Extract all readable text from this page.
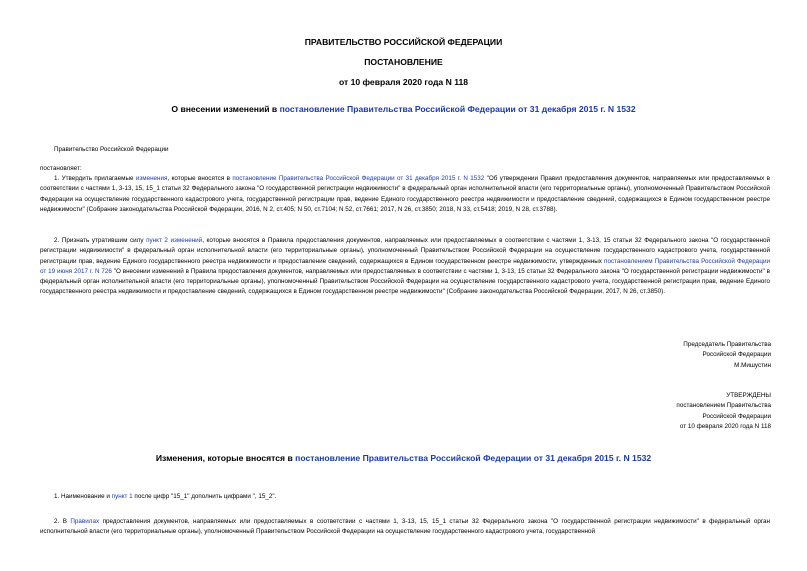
ПРАВИТЕЛЬСТВО РОССИЙСКОЙ ФЕДЕРАЦИИ
ПОСТАНОВЛЕНИЕ
от 10 февраля 2020 года N 118
О внесении изменений в постановление Правительства Российской Федерации от 31 декабря 2015 г. N 1532
Правительство Российской Федерации
постановляет:
1. Утвердить прилагаемые изменения, которые вносятся в постановление Правительства Российской Федерации от 31 декабря 2015 г. N 1532 "Об утверждении Правил предоставления документов, направляемых или предоставляемых в соответствии с частями 1, 3-13, 15, 15_1 статьи 32 Федерального закона "О государственной регистрации недвижимости" в федеральный орган исполнительной власти (его территориальные органы), уполномоченный Правительством Российской Федерации на осуществление государственного кадастрового учета, государственной регистрации прав, ведение Единого государственного реестра недвижимости и предоставление сведений, содержащихся в Едином государственном реестре недвижимости" (Собрание законодательства Российской Федерации, 2016, N 2, ст.405; N 50, ст.7104; N 52, ст.7661; 2017, N 26, ст.3850; 2018, N 33, ст.5418; 2019, N 28, ст.3788).
2. Признать утратившим силу пункт 2 изменений, которые вносятся в Правила предоставления документов, направляемых или предоставляемых в соответствии с частями 1, 3-13, 15 статьи 32 Федерального закона "О государственной регистрации недвижимости" в федеральный орган исполнительной власти (его территориальные органы), уполномоченный Правительством Российской Федерации на осуществление государственного кадастрового учета, государственной регистрации прав, ведение Единого государственного реестра недвижимости и предоставление сведений, содержащихся в Едином государственном реестре недвижимости, утвержденных постановлением Правительства Российской Федерации от 19 июня 2017 г. N 726 "О внесении изменений в Правила предоставления документов, направляемых или предоставляемых в соответствии с частями 1, 3-13, 15 статьи 32 Федерального закона "О государственной регистрации недвижимости" в федеральный орган исполнительной власти (его территориальные органы), уполномоченный Правительством Российской Федерации на осуществление государственного кадастрового учета, государственной регистрации прав, ведение Единого государственного реестра недвижимости и предоставление сведений, содержащихся в Едином государственном реестре недвижимости" (Собрание законодательства Российской Федерации, 2017, N 26, ст.3850).
Председатель Правительства
Российской Федерации
М.Мишустин
УТВЕРЖДЕНЫ
постановлением Правительства
Российской Федерации
от 10 февраля 2020 года N 118
Изменения, которые вносятся в постановление Правительства Российской Федерации от 31 декабря 2015 г. N 1532
1. Наименование и пункт 1 после цифр "15_1" дополнить цифрами ", 15_2".
2. В Правилах предоставления документов, направляемых или предоставляемых в соответствии с частями 1, 3-13, 15, 15_1 статьи 32 Федерального закона "О государственной регистрации недвижимости" в федеральный орган исполнительной власти (его территориальные органы), уполномоченный Правительством Российской Федерации на осуществление государственного кадастрового учета, государственной
